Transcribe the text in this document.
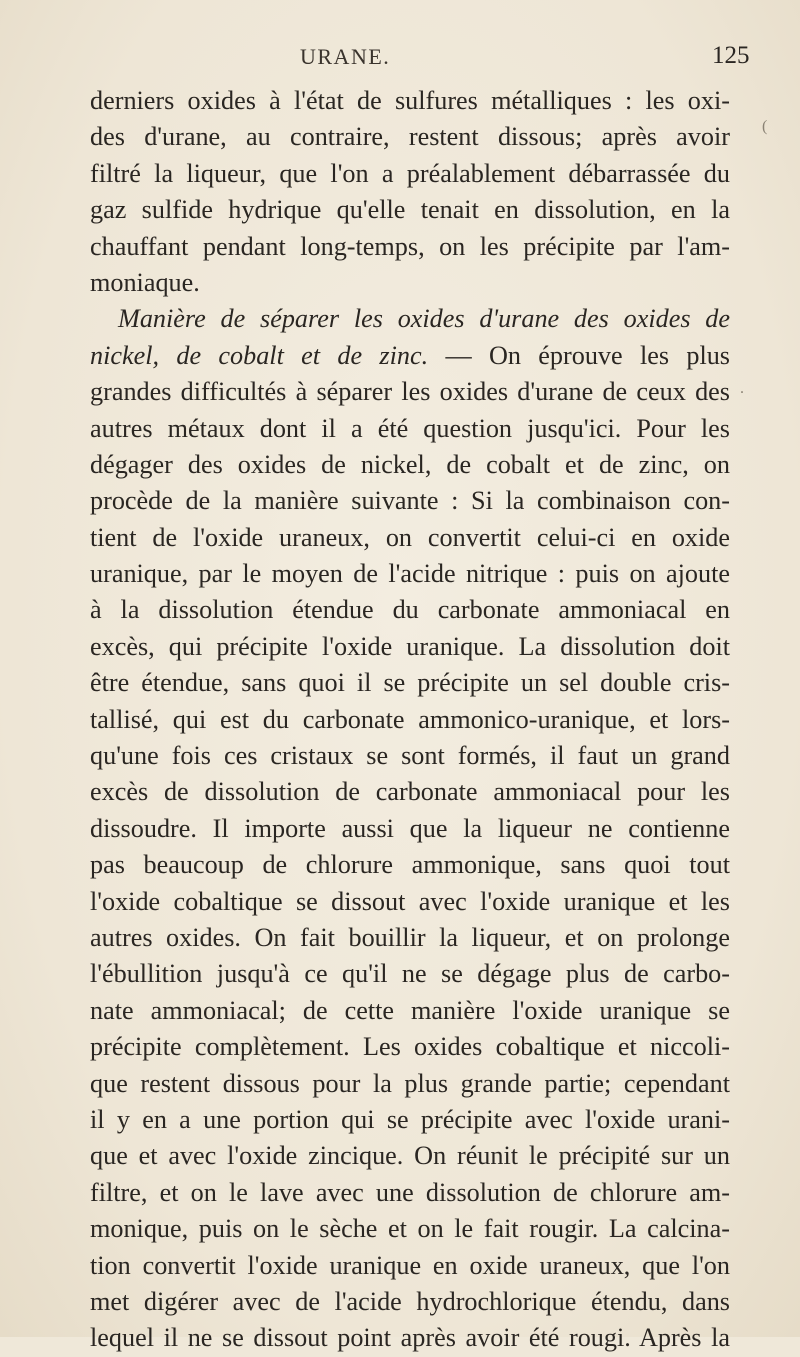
URANE.	125
derniers oxides à l'état de sulfures métalliques : les oxi-
des d'urane, au contraire, restent dissous; après avoir
filtré la liqueur, que l'on a préalablement débarrassée du
gaz sulfide hydrique qu'elle tenait en dissolution, en la
chauffant pendant long-temps, on les précipite par l'am-
moniaque.
Manière de séparer les oxides d'urane des oxides de
nickel, de cobalt et de zinc. — On éprouve les plus
grandes difficultés à séparer les oxides d'urane de ceux des
autres métaux dont il a été question jusqu'ici. Pour les
dégager des oxides de nickel, de cobalt et de zinc, on
procède de la manière suivante : Si la combinaison con-
tient de l'oxide uraneux, on convertit celui-ci en oxide
uranique, par le moyen de l'acide nitrique : puis on ajoute
à la dissolution étendue du carbonate ammoniacal en
excès, qui précipite l'oxide uranique. La dissolution doit
être étendue, sans quoi il se précipite un sel double cris-
tallisé, qui est du carbonate ammonico-uranique, et lors-
qu'une fois ces cristaux se sont formés, il faut un grand
excès de dissolution de carbonate ammoniacal pour les
dissoudre. Il importe aussi que la liqueur ne contienne
pas beaucoup de chlorure ammonique, sans quoi tout
l'oxide cobaltique se dissout avec l'oxide uranique et les
autres oxides. On fait bouillir la liqueur, et on prolonge
l'ébullition jusqu'à ce qu'il ne se dégage plus de carbo-
nate ammoniacal; de cette manière l'oxide uranique se
précipite complètement. Les oxides cobaltique et niccoli-
que restent dissous pour la plus grande partie; cependant
il y en a une portion qui se précipite avec l'oxide urani-
que et avec l'oxide zincique. On réunit le précipité sur un
filtre, et on le lave avec une dissolution de chlorure am-
monique, puis on le sèche et on le fait rougir. La calcina-
tion convertit l'oxide uranique en oxide uraneux, que l'on
met digérer avec de l'acide hydrochlorique étendu, dans
lequel il ne se dissout point après avoir été rougi. Après la
(
.
